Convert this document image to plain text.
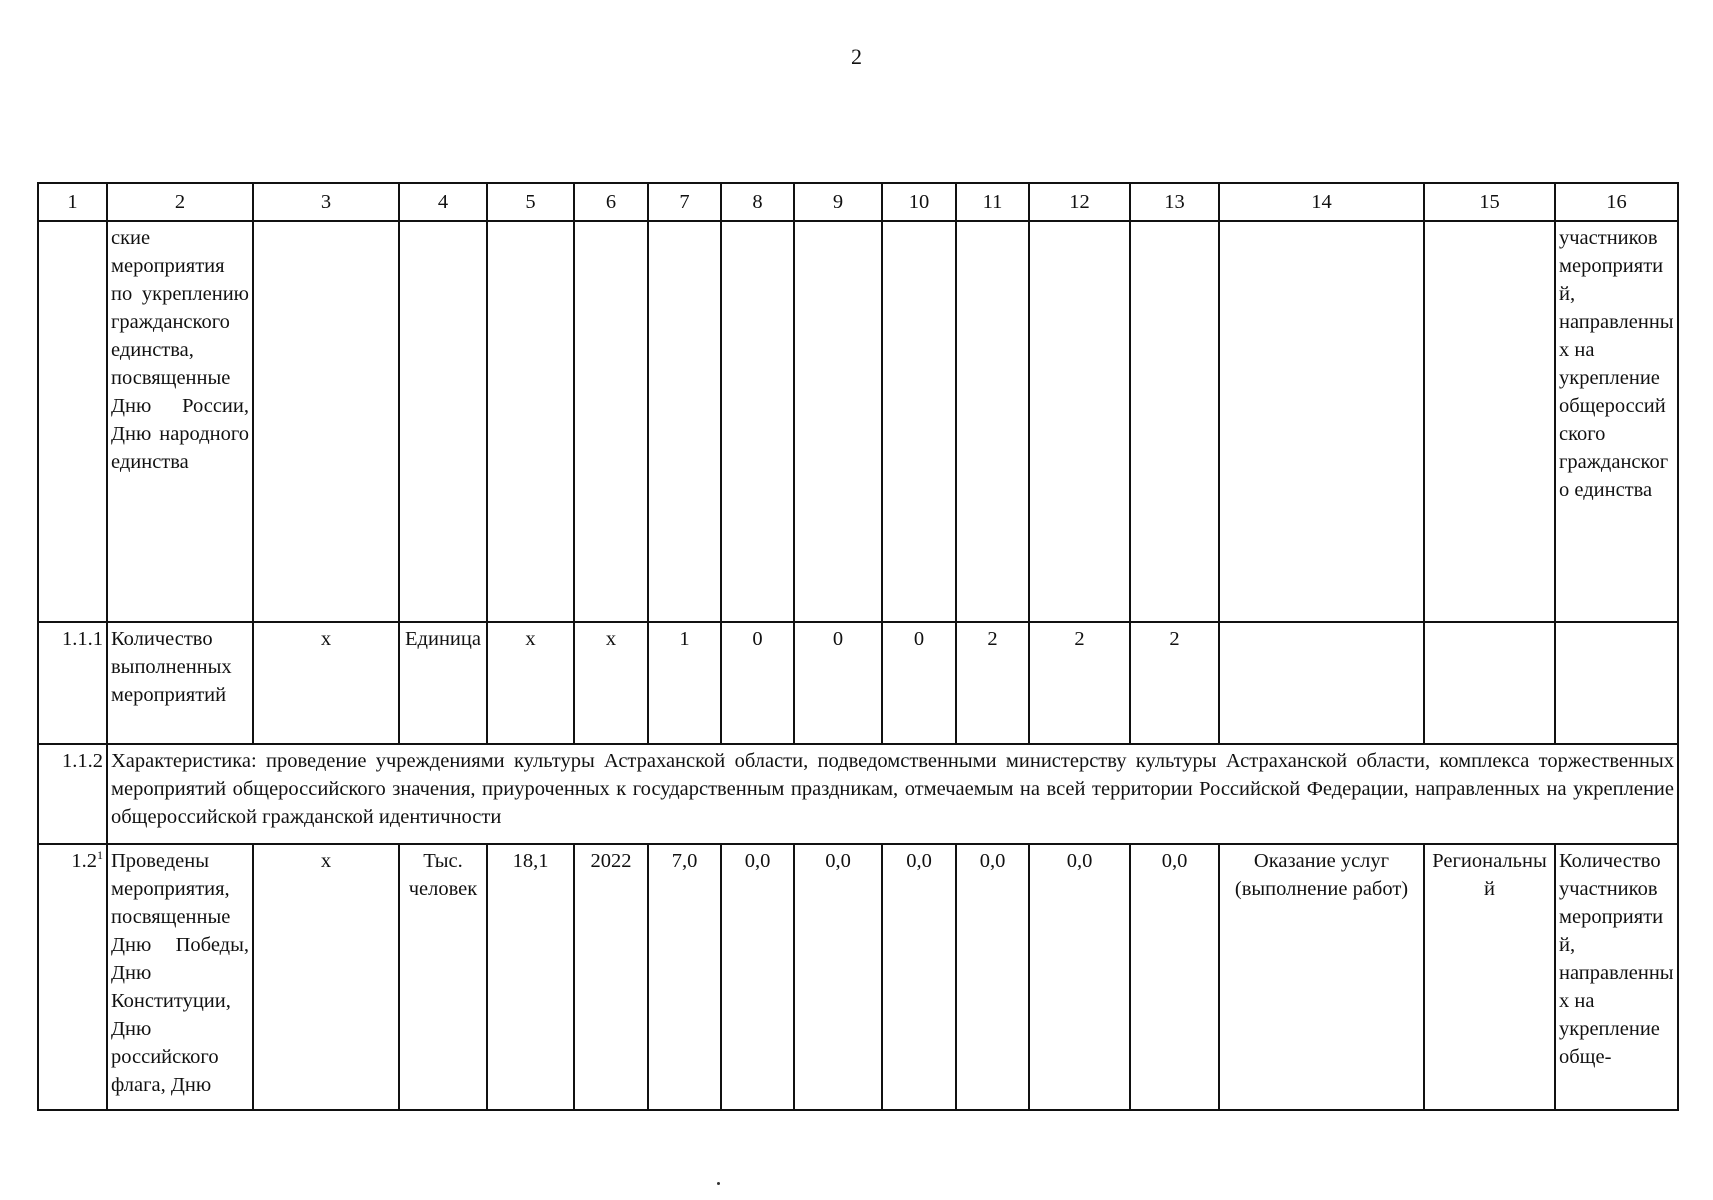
2
1	2	3	4	5	6	7	8	9	10	11	12	13	14	15	16
	ские мероприятия по укреплению гражданского единства, посвященные Дню России, Дню народного единства														участников мероприятий, направленных на укрепление общероссийского гражданского единства
1.1.1	Количество выполненных мероприятий	х	Единица	х	х	1	0	0	0	2	2	2			
1.1.2	Характеристика: проведение учреждениями культуры Астраханской области, подведомственными министерству культуры Астраханской области, комплекса торжественных мероприятий общероссийского значения, приуроченных к государственным праздникам, отмечаемым на всей территории Российской Федерации, направленных на укрепление общероссийской гражданской идентичности														
$1.2^1$	Проведены мероприятия, посвященные Дню Победы, Дню Конституции, Дню российского флага, Дню	х	Тыс. человек	18,1	2022	7,0	0,0	0,0	0,0	0,0	0,0	0,0	Оказание услуг (выполнение работ)	Региональный	Количество участников мероприятий, направленных на укрепление обще-
